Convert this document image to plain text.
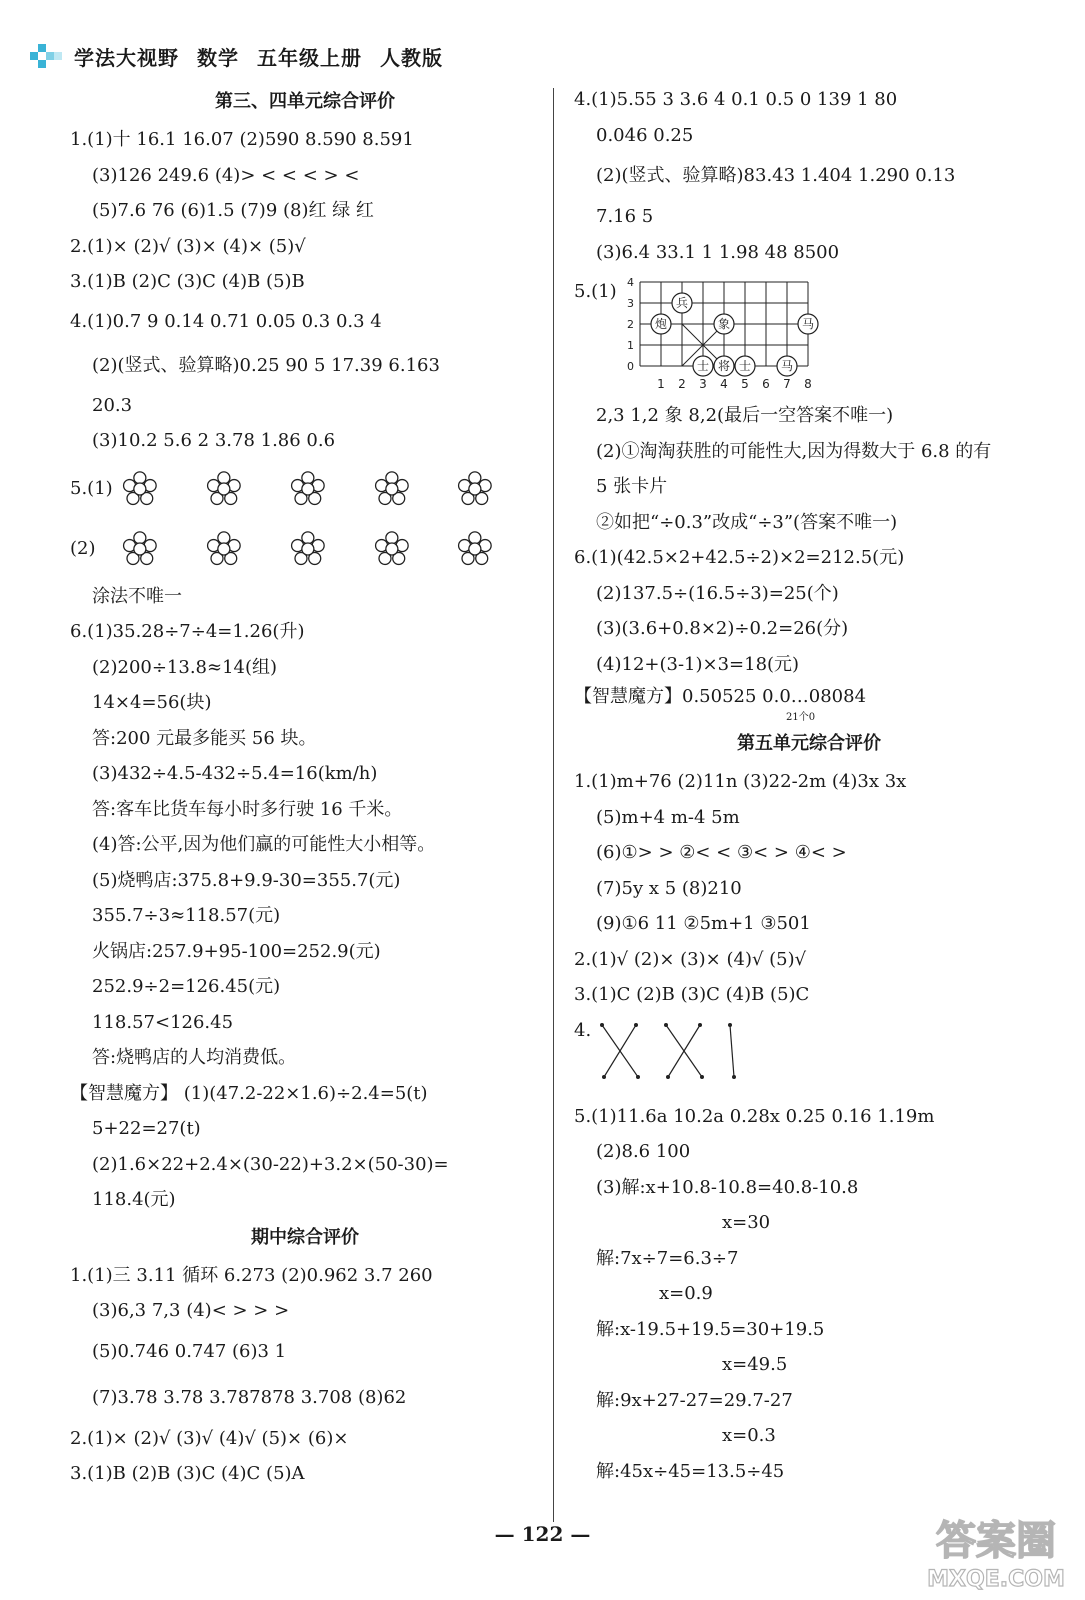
学法大视野 数学 五年级上册 人教版
第三、四单元综合评价
1.(1)十 16.1 16.07 (2)590 8.590 8.591
(3)126 249.6 (4)> < < < > <
(5)7.6 76 (6)1.5 (7)9 (8)红 绿 红
2.(1)× (2)√ (3)× (4)× (5)√
3.(1)B (2)C (3)C (4)B (5)B
4.(1)0.7 9 0.14 0.71 0.05 0.3 0.3 4
(2)(竖式、验算略)0.25 90 5 17.39 6.163
20.3
(3)10.2 5.6 2 3.78 1.86 0.6
5.(1)
(2)
涂法不唯一
6.(1)35.28÷7÷4=1.26(升)
(2)200÷13.8≈14(组)
14×4=56(块)
答:200 元最多能买 56 块。
(3)432÷4.5-432÷5.4=16(km/h)
答:客车比货车每小时多行驶 16 千米。
(4)答:公平,因为他们赢的可能性大小相等。
(5)烧鸭店:375.8+9.9-30=355.7(元)
355.7÷3≈118.57(元)
火锅店:257.9+95-100=252.9(元)
252.9÷2=126.45(元)
118.57<126.45
答:烧鸭店的人均消费低。
【智慧魔方】 (1)(47.2-22×1.6)÷2.4=5(t)
5+22=27(t)
(2)1.6×22+2.4×(30-22)+3.2×(50-30)=
118.4(元)
期中综合评价
1.(1)三 3.11 循环 6.273 (2)0.962 3.7 260
(3)6,3 7,3 (4)< > > >
(5)0.746 0.747 (6)3 1
(7)3.78 3.78 3.787878 3.708 (8)62
2.(1)× (2)√ (3)√ (4)√ (5)× (6)×
3.(1)B (2)B (3)C (4)C (5)A
4.(1)5.55 3 3.6 4 0.1 0.5 0 139 1 80
0.046 0.25
(2)(竖式、验算略)83.43 1.404 1.290 0.13
7.16 5
(3)6.4 33.1 1 1.98 48 8500
5.(1) 4
3
2
1
0
1 2 3 4 5 6 7 8
兵
炮	象	马
士 将 士 马
2,3 1,2 象 8,2(最后一空答案不唯一)
(2)①淘淘获胜的可能性大,因为得数大于 6.8 的有
5 张卡片
②如把“÷0.3”改成“÷3”(答案不唯一)
6.(1)(42.5×2+42.5÷2)×2=212.5(元)
(2)137.5÷(16.5÷3)=25(个)
(3)(3.6+0.8×2)÷0.2=26(分)
(4)12+(3-1)×3=18(元)
【智慧魔方】0.50525 0.0…08084
21个0
第五单元综合评价
1.(1)m+76 (2)11n (3)22-2m (4)3x 3x
(5)m+4 m-4 5m
(6)①> > ②< < ③< > ④< >
(7)5y x 5 (8)210
(9)①6 11 ②5m+1 ③501
2.(1)√ (2)× (3)× (4)√ (5)√
3.(1)C (2)B (3)C (4)B (5)C
4.
5.(1)11.6a 10.2a 0.28x 0.25 0.16 1.19m
(2)8.6 100
(3)解:x+10.8-10.8=40.8-10.8
x=30
解:7x÷7=6.3÷7
x=0.9
解:x-19.5+19.5=30+19.5
x=49.5
解:9x+27-27=29.7-27
x=0.3
解:45x÷45=13.5÷45
— 122 —	答案圈
MXQE.COM
